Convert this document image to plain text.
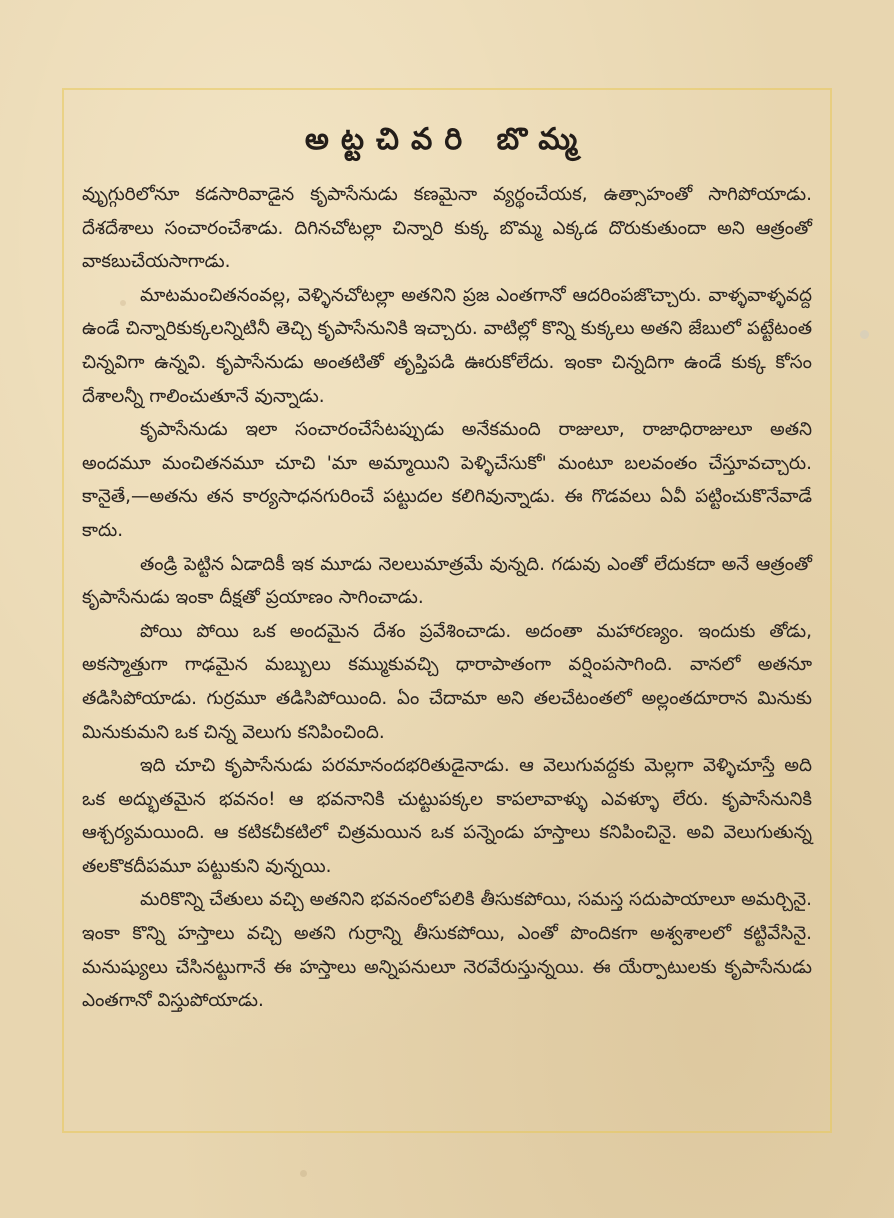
అట్టచివరి బొమ్మ

వృుగ్గురిలోనూ కడసారివాడైన కృపాసేనుడు కణమైనా వ్యర్థంచేయక, ఉత్సాహంతో సాగిపోయాడు. దేశదేశాలు సంచారంచేశాడు. దిగినచోటల్లా చిన్నారి కుక్క బొమ్మ ఎక్కడ దొరుకుతుందా అని ఆత్రంతో వాకబుచేయసాగాడు.

మాటమంచితనంవల్ల, వెళ్ళినచోటల్లా అతనిని ప్రజ ఎంతగానో ఆదరింపజొచ్చారు. వాళ్ళవాళ్ళవద్ద ఉండే చిన్నారికుక్కలన్నిటినీ తెచ్చి కృపాసేనునికి ఇచ్చారు. వాటిల్లో కొన్ని కుక్కలు అతని జేబులో పట్టేటంత చిన్నవిగా ఉన్నవి. కృపాసేనుడు అంతటితో తృప్తిపడి ఊరుకోలేదు. ఇంకా చిన్నదిగా ఉండే కుక్క కోసం దేశాలన్నీ గాలించుతూనే వున్నాడు.

కృపాసేనుడు ఇలా సంచారంచేసేటప్పుడు అనేకమంది రాజులూ, రాజాధిరాజులూ అతని అందమూ మంచితనమూ చూచి 'మా అమ్మాయిని పెళ్ళిచేసుకో' మంటూ బలవంతం చేస్తూవచ్చారు. కానైతే,—అతను తన కార్యసాధనగురించే పట్టుదల కలిగివున్నాడు. ఈ గొడవలు ఏవీ పట్టించుకొనేవాడే కాదు.

తండ్రి పెట్టిన ఏడాదికీ ఇక మూడు నెలలుమాత్రమే వున్నది. గడువు ఎంతో లేదుకదా అనే ఆత్రంతో కృపాసేనుడు ఇంకా దీక్షతో ప్రయాణం సాగించాడు.

పోయి పోయి ఒక అందమైన దేశం ప్రవేశించాడు. అదంతా మహారణ్యం. ఇందుకు తోడు, అకస్మాత్తుగా గాఢమైన మబ్బులు కమ్ముకువచ్చి ధారాపాతంగా వర్షింపసాగింది. వానలో అతనూ తడిసిపోయాడు. గుర్రమూ తడిసిపోయింది. ఏం చేదామా అని తలచేటంతలో అల్లంతదూరాన మినుకు మినుకుమని ఒక చిన్న వెలుగు కనిపించింది.

ఇది చూచి కృపాసేనుడు పరమానందభరితుడైనాడు. ఆ వెలుగువద్దకు మెల్లగా వెళ్ళిచూస్తే అది ఒక అద్భుతమైన భవనం! ఆ భవనానికి చుట్టుపక్కల కాపలావాళ్ళు ఎవళ్ళూ లేరు. కృపాసేనునికి ఆశ్చర్యమయింది. ఆ కటికచీకటిలో చిత్రమయిన ఒక పన్నెండు హస్తాలు కనిపించినై. అవి వెలుగుతున్న తలకొకదీపమూ పట్టుకుని వున్నయి.

మరికొన్ని చేతులు వచ్చి అతనిని భవనంలోపలికి తీసుకపోయి, సమస్త సదుపాయాలూ అమర్చినై. ఇంకా కొన్ని హస్తాలు వచ్చి అతని గుర్రాన్ని తీసుకపోయి, ఎంతో పొందికగా అశ్వశాలలో కట్టివేసినై. మనుష్యులు చేసినట్టుగానే ఈ హస్తాలు అన్నిపనులూ నెరవేరుస్తున్నయి. ఈ యేర్పాటులకు కృపాసేనుడు ఎంతగానో విస్తుపోయాడు.
